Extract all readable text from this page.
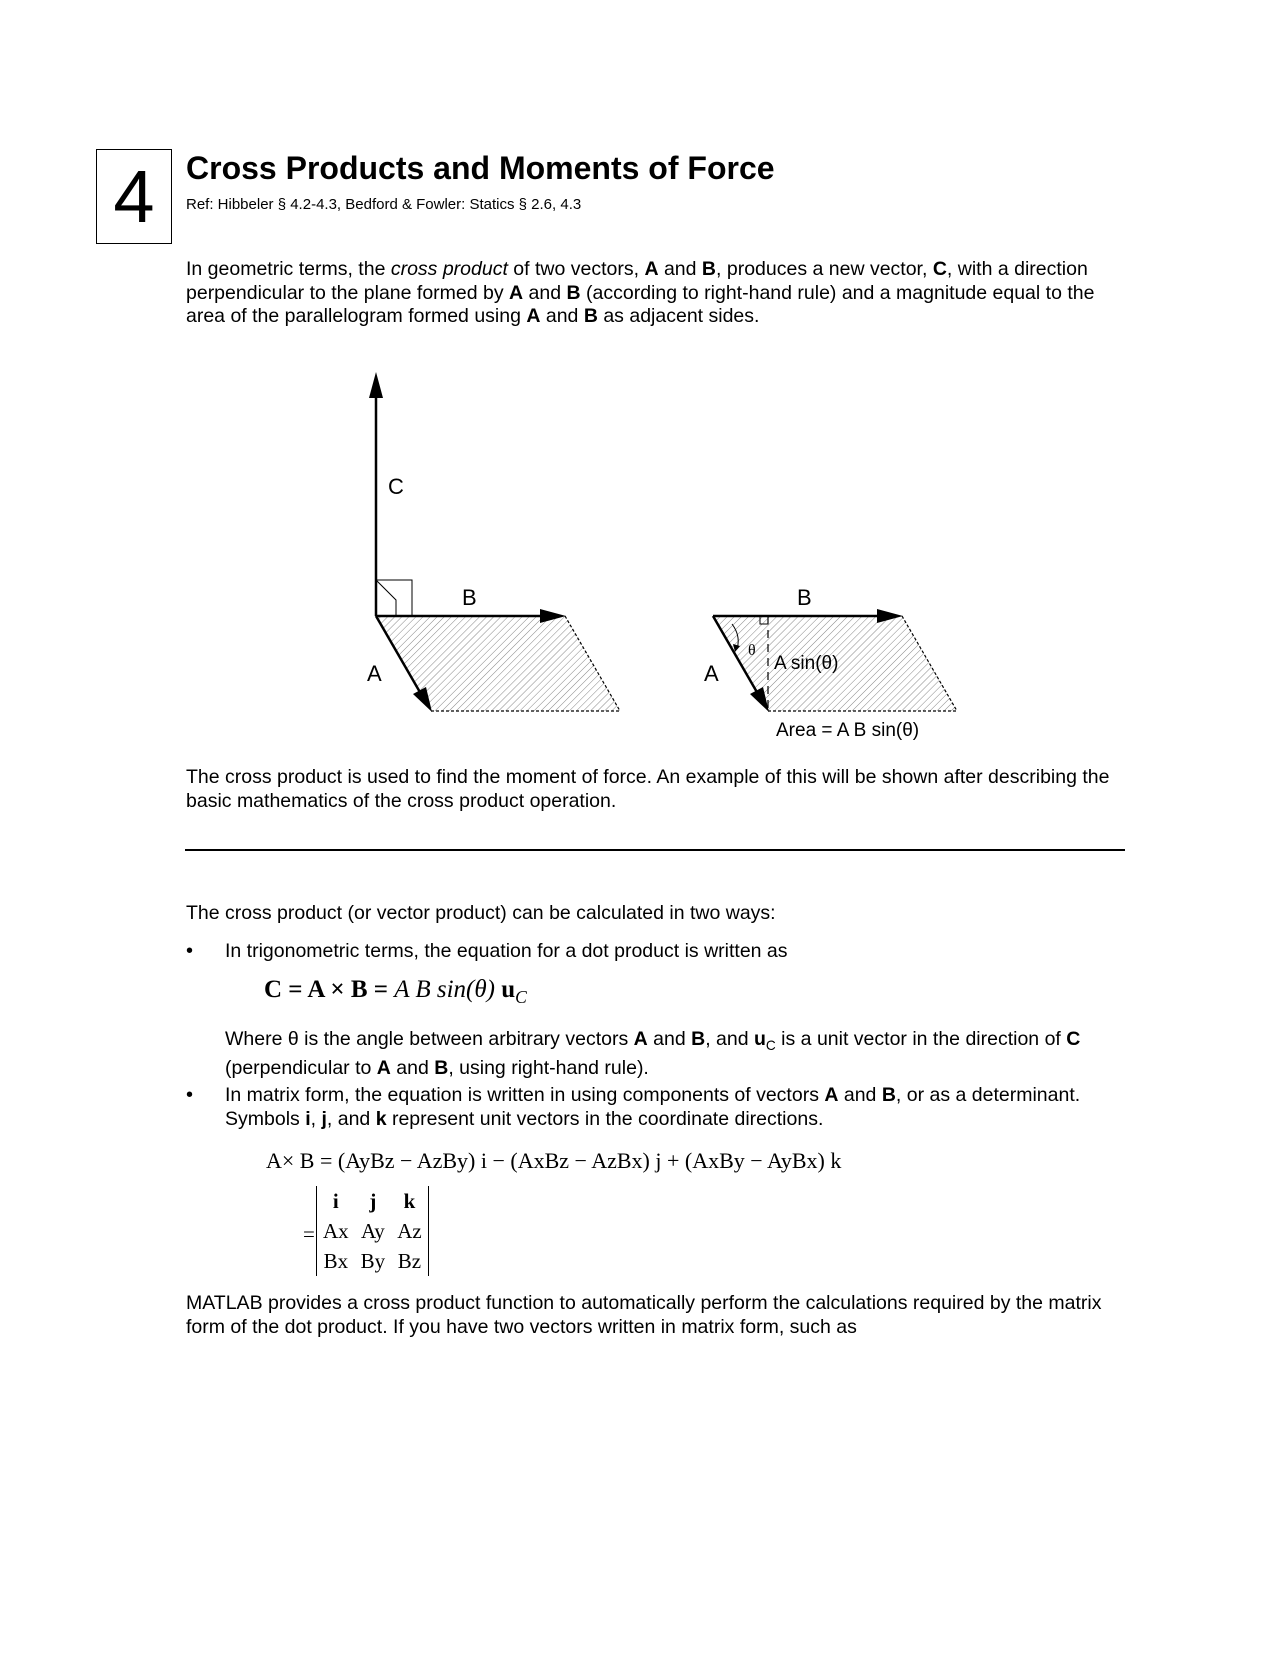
4 Cross Products and Moments of Force
Ref: Hibbeler § 4.2-4.3, Bedford & Fowler: Statics § 2.6, 4.3

In geometric terms, the cross product of two vectors, A and B, produces a new vector, C, with a direction perpendicular to the plane formed by A and B (according to right-hand rule) and a magnitude equal to the area of the parallelogram formed using A and B as adjacent sides.

C
B
A
θ
B
A	A sin(θ)
Area = A B sin(θ)

The cross product is used to find the moment of force. An example of this will be shown after describing the basic mathematics of the cross product operation.

The cross product (or vector product) can be calculated in two ways:

• In trigonometric terms, the equation for a dot product is written as

C = A × B = A B sin(θ) $u_C$

Where θ is the angle between arbitrary vectors A and B, and $u_C$ is a unit vector in the direction of C (perpendicular to A and B, using right-hand rule).

• In matrix form, the equation is written in using components of vectors A and B, or as a determinant. Symbols i, j, and k represent unit vectors in the coordinate directions.

A× B = (AyBz − AzBy) i − (AxBz − AzBx) j + (AxBy − AyBx) k
=
i	j	k
Ax	Ay	Az
Bx	By	Bz

MATLAB provides a cross product function to automatically perform the calculations required by the matrix form of the dot product. If you have two vectors written in matrix form, such as
